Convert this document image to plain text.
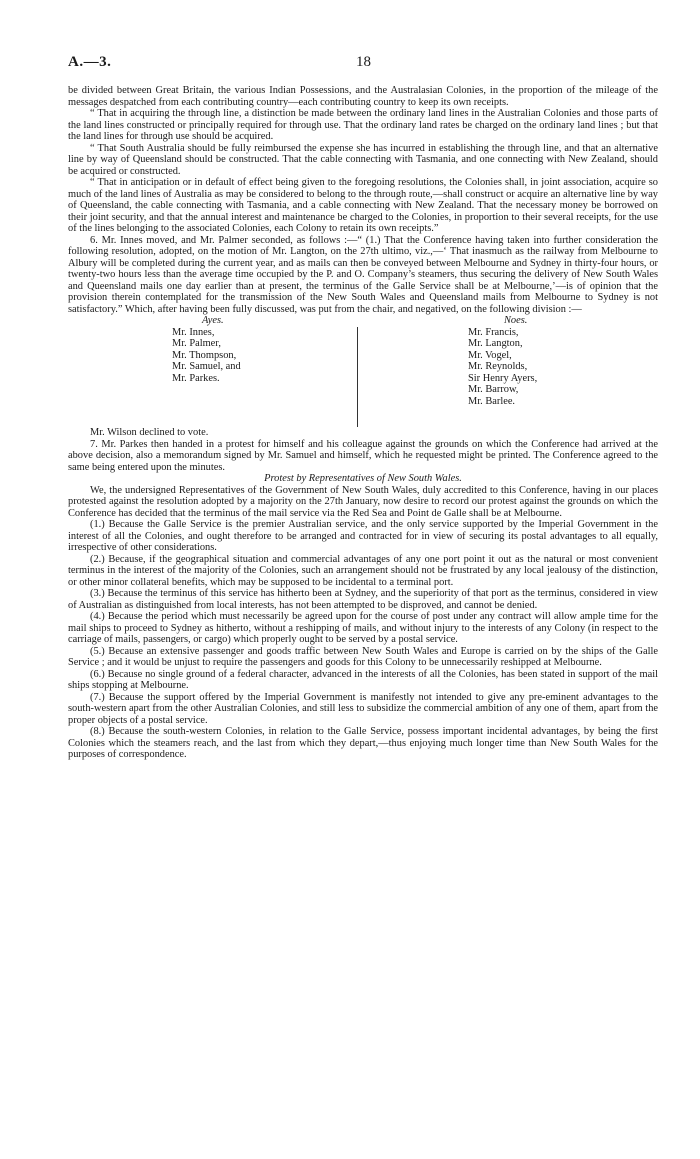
A.—3.	18

be divided between Great Britain, the various Indian Possessions, and the Australasian Colonies, in the proportion of the mileage of the messages despatched from each contributing country—each contributing country to keep its own receipts.

“ That in acquiring the through line, a distinction be made between the ordinary land lines in the Australian Colonies and those parts of the land lines constructed or principally required for through use. That the ordinary land rates be charged on the ordinary land lines ; but that the land lines for through use should be acquired.

“ That South Australia should be fully reimbursed the expense she has incurred in establishing the through line, and that an alternative line by way of Queensland should be constructed. That the cable connecting with Tasmania, and one connecting with New Zealand, should be acquired or constructed.

“ That in anticipation or in default of effect being given to the foregoing resolutions, the Colonies shall, in joint association, acquire so much of the land lines of Australia as may be considered to belong to the through route,—shall construct or acquire an alternative line by way of Queensland, the cable connecting with Tasmania, and a cable connecting with New Zealand. That the necessary money be borrowed on their joint security, and that the annual interest and maintenance be charged to the Colonies, in proportion to their several receipts, for the use of the lines belonging to the associated Colonies, each Colony to retain its own receipts.”

6. Mr. Innes moved, and Mr. Palmer seconded, as follows :—“ (1.) That the Conference having taken into further consideration the following resolution, adopted, on the motion of Mr. Langton, on the 27th ultimo, viz.,—‘ That inasmuch as the railway from Melbourne to Albury will be completed during the current year, and as mails can then be conveyed between Melbourne and Sydney in thirty-four hours, or twenty-two hours less than the average time occupied by the P. and O. Company’s steamers, thus securing the delivery of New South Wales and Queensland mails one day earlier than at present, the terminus of the Galle Service shall be at Melbourne,’—is of opinion that the provision therein contemplated for the transmission of the New South Wales and Queensland mails from Melbourne to Sydney is not satisfactory.” Which, after having been fully discussed, was put from the chair, and negatived, on the following division :—

Ayes.
Mr. Innes,
Mr. Palmer,
Mr. Thompson,
Mr. Samuel, and
Mr. Parkes.
Noes.
Mr. Francis,
Mr. Langton,
Mr. Vogel,
Mr. Reynolds,
Sir Henry Ayers,
Mr. Barrow,
Mr. Barlee.

Mr. Wilson declined to vote.

7. Mr. Parkes then handed in a protest for himself and his colleague against the grounds on which the Conference had arrived at the above decision, also a memorandum signed by Mr. Samuel and himself, which he requested might be printed. The Conference agreed to the same being entered upon the minutes.

Protest by Representatives of New South Wales.

We, the undersigned Representatives of the Government of New South Wales, duly accredited to this Conference, having in our places protested against the resolution adopted by a majority on the 27th January, now desire to record our protest against the grounds on which the Conference has decided that the terminus of the mail service via the Red Sea and Point de Galle shall be at Melbourne.

(1.) Because the Galle Service is the premier Australian service, and the only service supported by the Imperial Government in the interest of all the Colonies, and ought therefore to be arranged and contracted for in view of securing its postal advantages to all equally, irrespective of other considerations.

(2.) Because, if the geographical situation and commercial advantages of any one port point it out as the natural or most convenient terminus in the interest of the majority of the Colonies, such an arrangement should not be frustrated by any local jealousy of the distinction, or other minor collateral benefits, which may be supposed to be incidental to a terminal port.

(3.) Because the terminus of this service has hitherto been at Sydney, and the superiority of that port as the terminus, considered in view of Australian as distinguished from local interests, has not been attempted to be disproved, and cannot be denied.

(4.) Because the period which must necessarily be agreed upon for the course of post under any contract will allow ample time for the mail ships to proceed to Sydney as hitherto, without a reshipping of mails, and without injury to the interests of any Colony (in respect to the carriage of mails, passengers, or cargo) which properly ought to be served by a postal service.

(5.) Because an extensive passenger and goods traffic between New South Wales and Europe is carried on by the ships of the Galle Service ; and it would be unjust to require the passengers and goods for this Colony to be unnecessarily reshipped at Melbourne.

(6.) Because no single ground of a federal character, advanced in the interests of all the Colonies, has been stated in support of the mail ships stopping at Melbourne.

(7.) Because the support offered by the Imperial Government is manifestly not intended to give any pre-eminent advantages to the south-western apart from the other Australian Colonies, and still less to subsidize the commercial ambition of any one of them, apart from the proper objects of a postal service.

(8.) Because the south-western Colonies, in relation to the Galle Service, possess important incidental advantages, by being the first Colonies which the steamers reach, and the last from which they depart,—thus enjoying much longer time than New South Wales for the purposes of correspondence.
